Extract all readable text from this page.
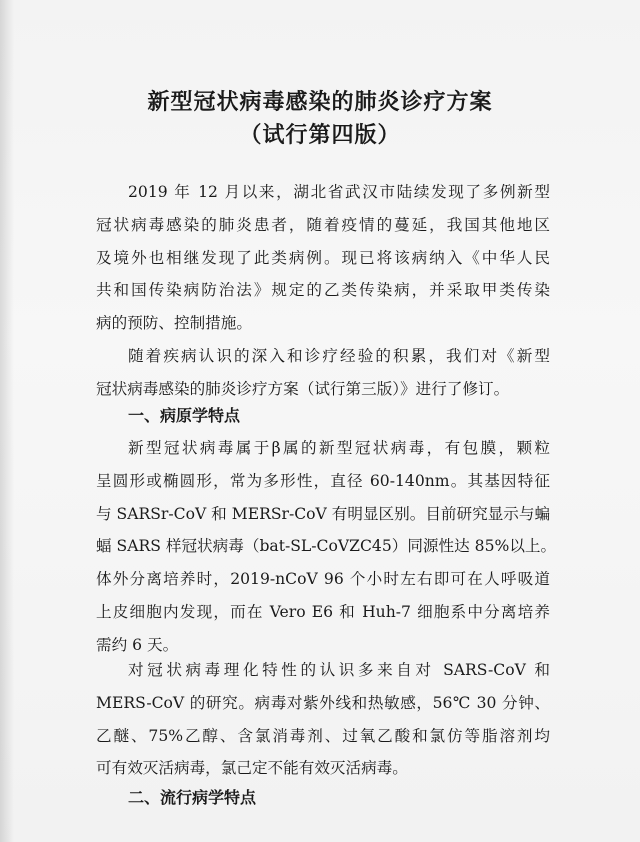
新型冠状病毒感染的肺炎诊疗方案
（试行第四版）

2019 年 12 月以来，湖北省武汉市陆续发现了多例新型
冠状病毒感染的肺炎患者，随着疫情的蔓延，我国其他地区
及境外也相继发现了此类病例。现已将该病纳入《中华人民
共和国传染病防治法》规定的乙类传染病，并采取甲类传染
病的预防、控制措施。

随着疾病认识的深入和诊疗经验的积累，我们对《新型
冠状病毒感染的肺炎诊疗方案（试行第三版）》进行了修订。

一、病原学特点

新型冠状病毒属于β属的新型冠状病毒，有包膜，颗粒
呈圆形或椭圆形，常为多形性，直径 60-140nm。其基因特征
与 SARSr-CoV 和 MERSr-CoV 有明显区别。目前研究显示与蝙
蝠 SARS 样冠状病毒（bat-SL-CoVZC45）同源性达 85%以上。
体外分离培养时，2019-nCoV 96 个小时左右即可在人呼吸道
上皮细胞内发现，而在 Vero E6 和 Huh-7 细胞系中分离培养
需约 6 天。

对冠状病毒理化特性的认识多来自对 SARS-CoV 和
MERS-CoV 的研究。病毒对紫外线和热敏感，56℃ 30 分钟、
乙醚、75%乙醇、含氯消毒剂、过氧乙酸和氯仿等脂溶剂均
可有效灭活病毒，氯己定不能有效灭活病毒。

二、流行病学特点
